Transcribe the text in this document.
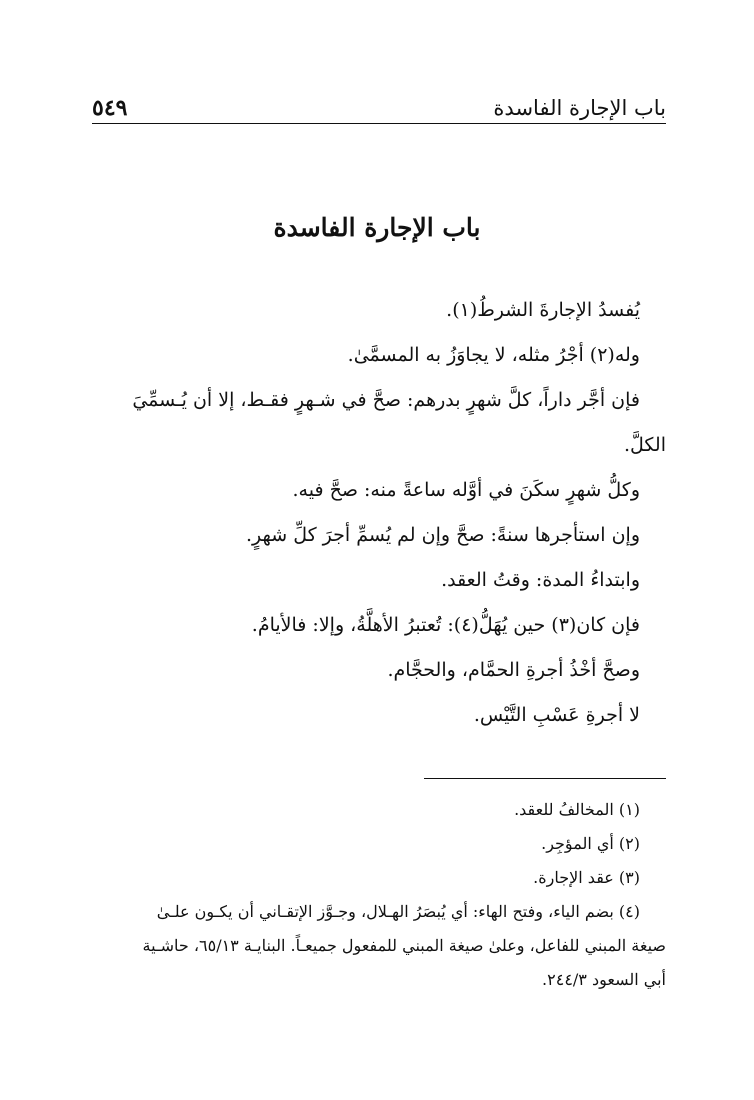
باب الإجارة الفاسدة
٥٤٩
باب الإجارة الفاسدة

يُفسدُ الإجارةَ الشرطُ(١).

وله(٢) أجْرُ مثله، لا يجاوَزُ به المسمَّىٰ.

فإن أجَّر داراً، كلَّ شهرٍ بدرهم: صحَّ في شـهرٍ فقـط، إلا أن يُـسمِّيَ

الكلَّ.

وكلُّ شهرٍ سكَنَ في أوَّله ساعةً منه: صحَّ فيه.

وإن استأجرها سنةً: صحَّ وإن لم يُسمِّ أجرَ كلِّ شهرٍ.

وابتداءُ المدة: وقتُ العقد.

فإن كان(٣) حين يُهَلُّ(٤): تُعتبرُ الأهلَّةُ، وإلا: فالأيامُ.

وصحَّ أخْذُ أجرةِ الحمَّام، والحجَّام.

لا أجرةِ عَسْبِ التَّيْس.

(١) المخالفُ للعقد.

(٢) أي المؤجِر.

(٣) عقد الإجارة.

(٤) بضم الياء، وفتح الهاء: أي يُبصَرُ الهـلال، وجـوَّز الإتقـاني أن يكـون علـىٰ

صيغة المبني للفاعل، وعلىٰ صيغة المبني للمفعول جميعـاً. البنايـة ٦٥/١٣، حاشـية

أبي السعود ٢٤٤/٣.
